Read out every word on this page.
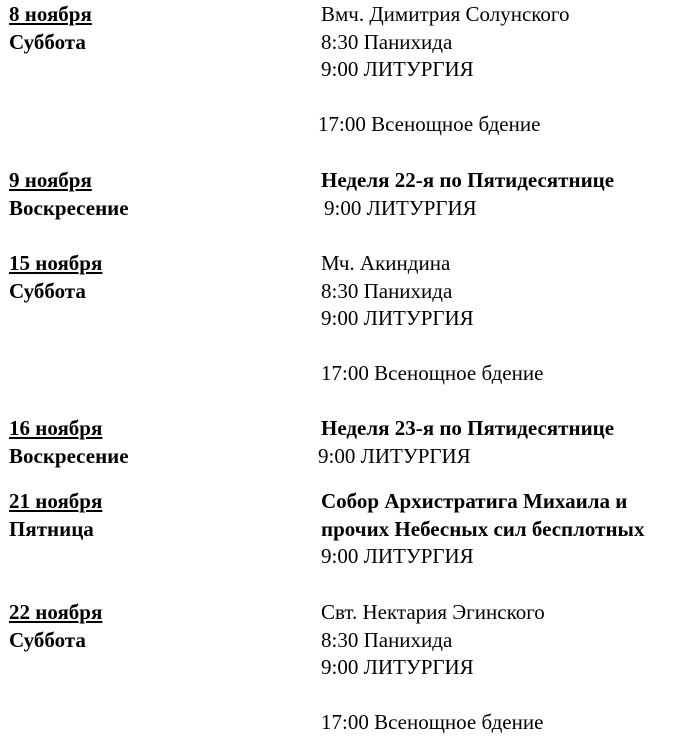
8 ноября
Суббота
Вмч. Димитрия Солунского
8:30 Панихида
9:00 ЛИТУРГИЯ
17:00 Всенощное бдение
9 ноября
Воскресение
Неделя 22-я по Пятидесятнице
9:00 ЛИТУРГИЯ
15 ноября
Суббота
Мч. Акиндина
8:30 Панихида
9:00 ЛИТУРГИЯ
17:00 Всенощное бдение
16 ноября
Воскресение
Неделя 23-я по Пятидесятнице
9:00 ЛИТУРГИЯ
21 ноября
Пятница
Собор Архистратига Михаила и
прочих Небесных сил бесплотных
9:00 ЛИТУРГИЯ
22 ноября
Суббота
Свт. Нектария Эгинского
8:30 Панихида
9:00 ЛИТУРГИЯ
17:00 Всенощное бдение
